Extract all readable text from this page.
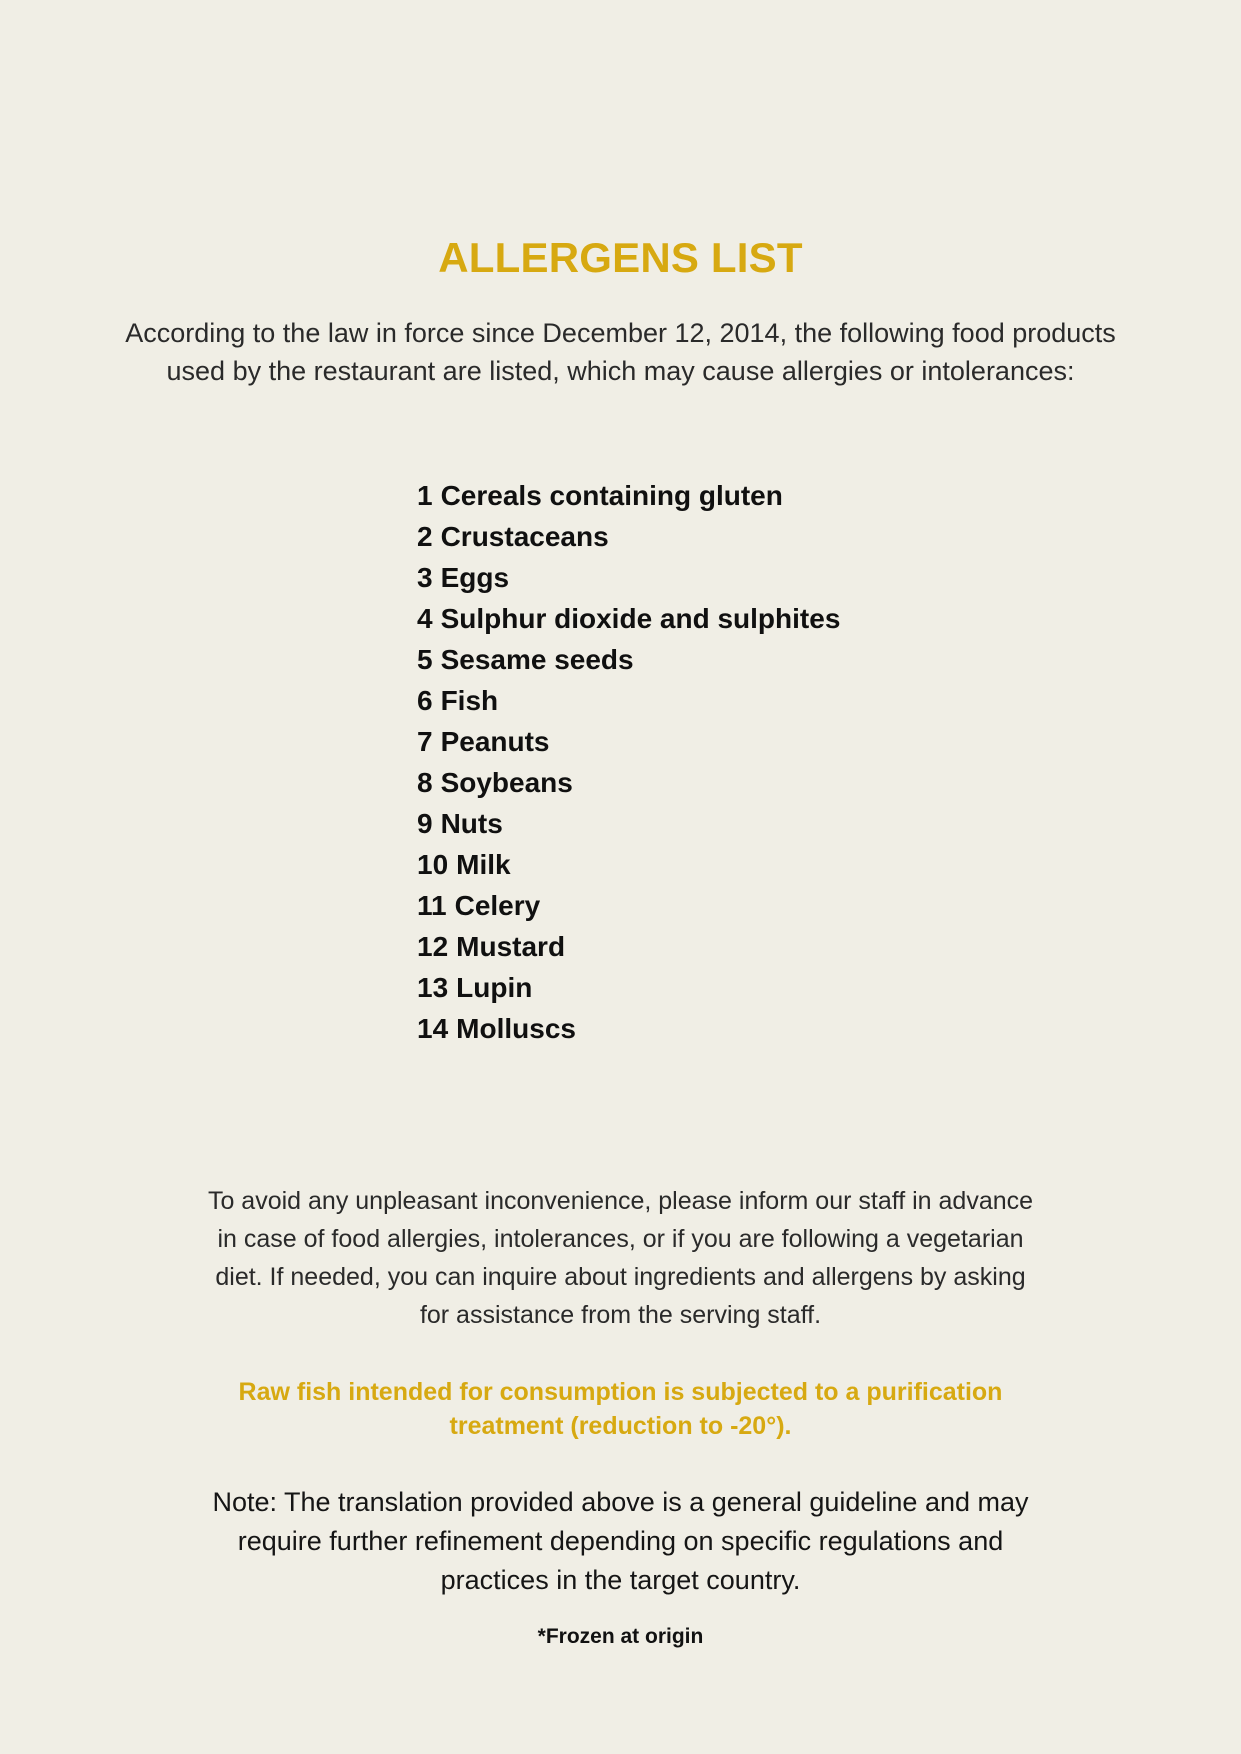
ALLERGENS LIST

According to the law in force since December 12, 2014, the following food products used by the restaurant are listed, which may cause allergies or intolerances:

1 Cereals containing gluten
2 Crustaceans
3 Eggs
4 Sulphur dioxide and sulphites
5 Sesame seeds
6 Fish
7 Peanuts
8 Soybeans
9 Nuts
10 Milk
11 Celery
12 Mustard
13 Lupin
14 Molluscs

To avoid any unpleasant inconvenience, please inform our staff in advance in case of food allergies, intolerances, or if you are following a vegetarian diet. If needed, you can inquire about ingredients and allergens by asking for assistance from the serving staff.

Raw fish intended for consumption is subjected to a purification treatment (reduction to -20°).

Note: The translation provided above is a general guideline and may require further refinement depending on specific regulations and practices in the target country.

*Frozen at origin
